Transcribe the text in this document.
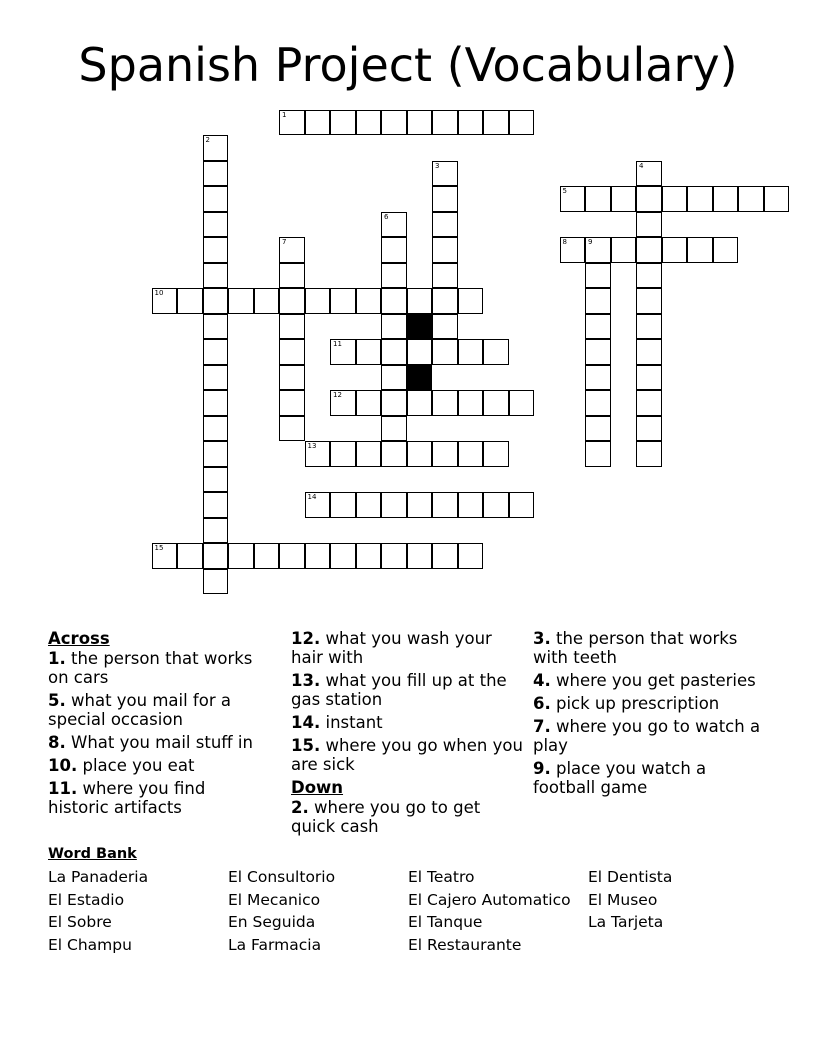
Spanish Project (Vocabulary)
1
5
8	9
10
11
12
13
14
15
2
3	4
6
7
Across
1. the person that works on cars
5. what you mail for a special occasion
8. What you mail stuff in
10. place you eat
11. where you find historic artifacts
12. what you wash your hair with
13. what you fill up at the gas station
14. instant
15. where you go when you are sick
Down
2. where you go to get quick cash
3. the person that works with teeth
4. where you get pasteries
6. pick up prescription
7. where you go to watch a play
9. place you watch a football game
Word Bank
La Panaderia
El Estadio
El Sobre
El Champu
El Consultorio
El Mecanico
En Seguida
La Farmacia
El Teatro
El Cajero Automatico
El Tanque
El Restaurante
El Dentista
El Museo
La Tarjeta
